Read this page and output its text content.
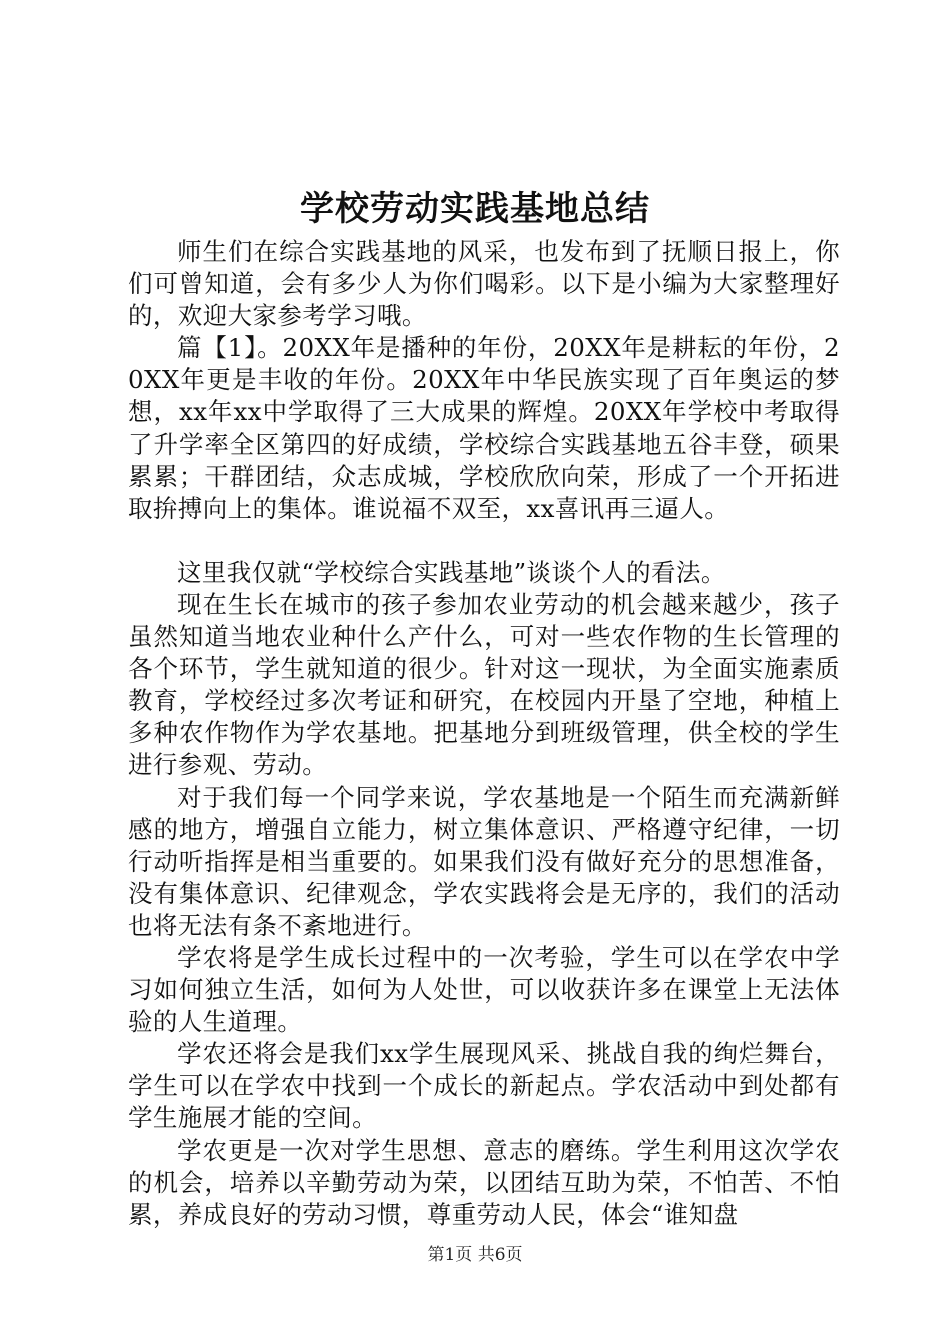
学校劳动实践基地总结

师生们在综合实践基地的风采，也发布到了抚顺日报上，你们可曾知道，会有多少人为你们喝彩。以下是小编为大家整理好的，欢迎大家参考学习哦。

篇【1】。20XX年是播种的年份，20XX年是耕耘的年份，20XX年更是丰收的年份。20XX年中华民族实现了百年奥运的梦想，xx年xx中学取得了三大成果的辉煌。20XX年学校中考取得了升学率全区第四的好成绩，学校综合实践基地五谷丰登，硕果累累；干群团结，众志成城，学校欣欣向荣，形成了一个开拓进取拚搏向上的集体。谁说福不双至，xx喜讯再三逼人。

这里我仅就“学校综合实践基地”谈谈个人的看法。

现在生长在城市的孩子参加农业劳动的机会越来越少，孩子虽然知道当地农业种什么产什么，可对一些农作物的生长管理的各个环节，学生就知道的很少。针对这一现状，为全面实施素质教育，学校经过多次考证和研究，在校园内开垦了空地，种植上多种农作物作为学农基地。把基地分到班级管理，供全校的学生进行参观、劳动。

对于我们每一个同学来说，学农基地是一个陌生而充满新鲜感的地方，增强自立能力，树立集体意识、严格遵守纪律，一切行动听指挥是相当重要的。如果我们没有做好充分的思想准备，没有集体意识、纪律观念，学农实践将会是无序的，我们的活动也将无法有条不紊地进行。

学农将是学生成长过程中的一次考验，学生可以在学农中学习如何独立生活，如何为人处世，可以收获许多在课堂上无法体验的人生道理。

学农还将会是我们xx学生展现风采、挑战自我的绚烂舞台，学生可以在学农中找到一个成长的新起点。学农活动中到处都有学生施展才能的空间。

学农更是一次对学生思想、意志的磨练。学生利用这次学农的机会，培养以辛勤劳动为荣，以团结互助为荣，不怕苦、不怕累，养成良好的劳动习惯，尊重劳动人民，体会“谁知盘

第1页 共6页
